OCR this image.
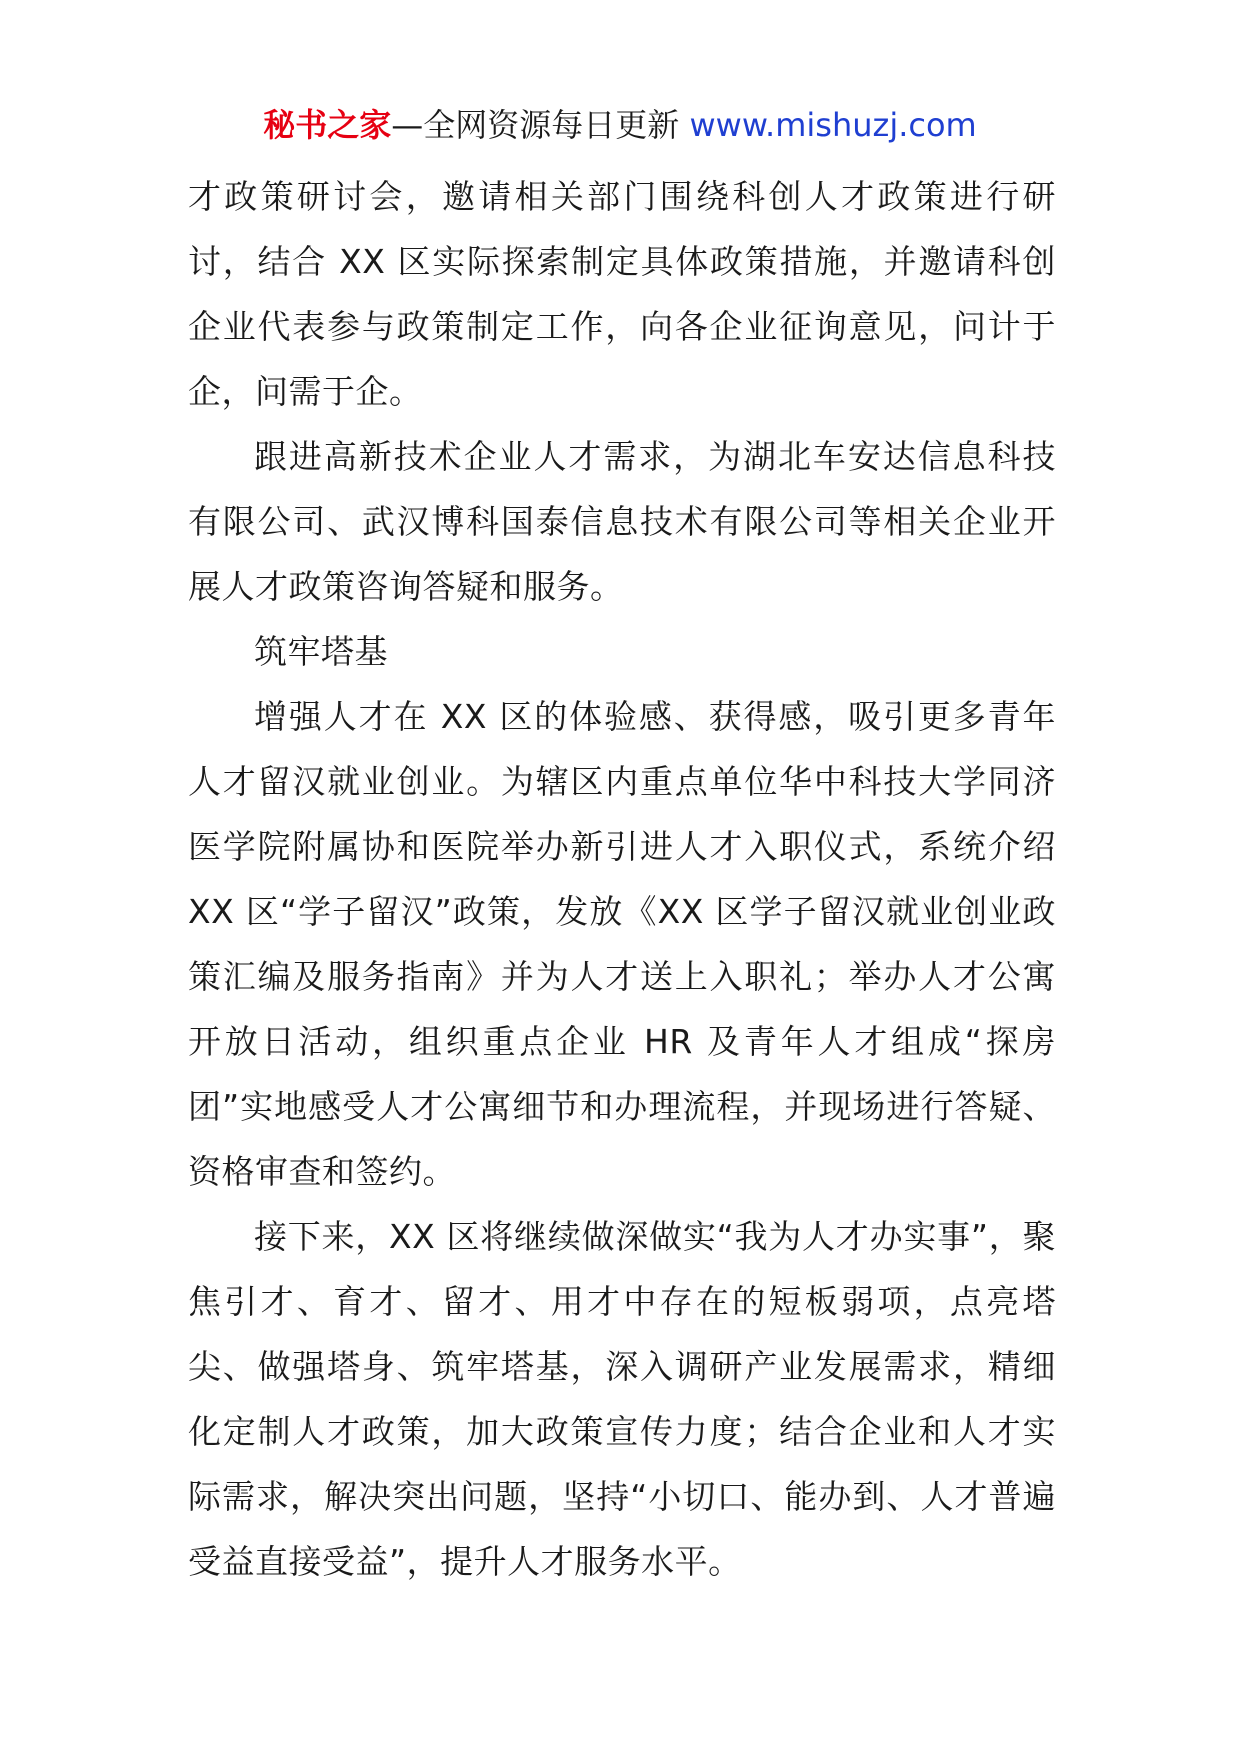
秘书之家—全网资源每日更新 www.mishuzj.com

才政策研讨会，邀请相关部门围绕科创人才政策进行研讨，结合 XX 区实际探索制定具体政策措施，并邀请科创企业代表参与政策制定工作，向各企业征询意见，问计于企，问需于企。

跟进高新技术企业人才需求，为湖北车安达信息科技有限公司、武汉博科国泰信息技术有限公司等相关企业开展人才政策咨询答疑和服务。

筑牢塔基

增强人才在 XX 区的体验感、获得感，吸引更多青年人才留汉就业创业。为辖区内重点单位华中科技大学同济医学院附属协和医院举办新引进人才入职仪式，系统介绍 XX 区“学子留汉”政策，发放《XX 区学子留汉就业创业政策汇编及服务指南》并为人才送上入职礼；举办人才公寓开放日活动，组织重点企业 HR 及青年人才组成“探房团”实地感受人才公寓细节和办理流程，并现场进行答疑、资格审查和签约。

接下来，XX 区将继续做深做实“我为人才办实事”，聚焦引才、育才、留才、用才中存在的短板弱项，点亮塔尖、做强塔身、筑牢塔基，深入调研产业发展需求，精细化定制人才政策，加大政策宣传力度；结合企业和人才实际需求，解决突出问题，坚持“小切口、能办到、人才普遍受益直接受益”，提升人才服务水平。
